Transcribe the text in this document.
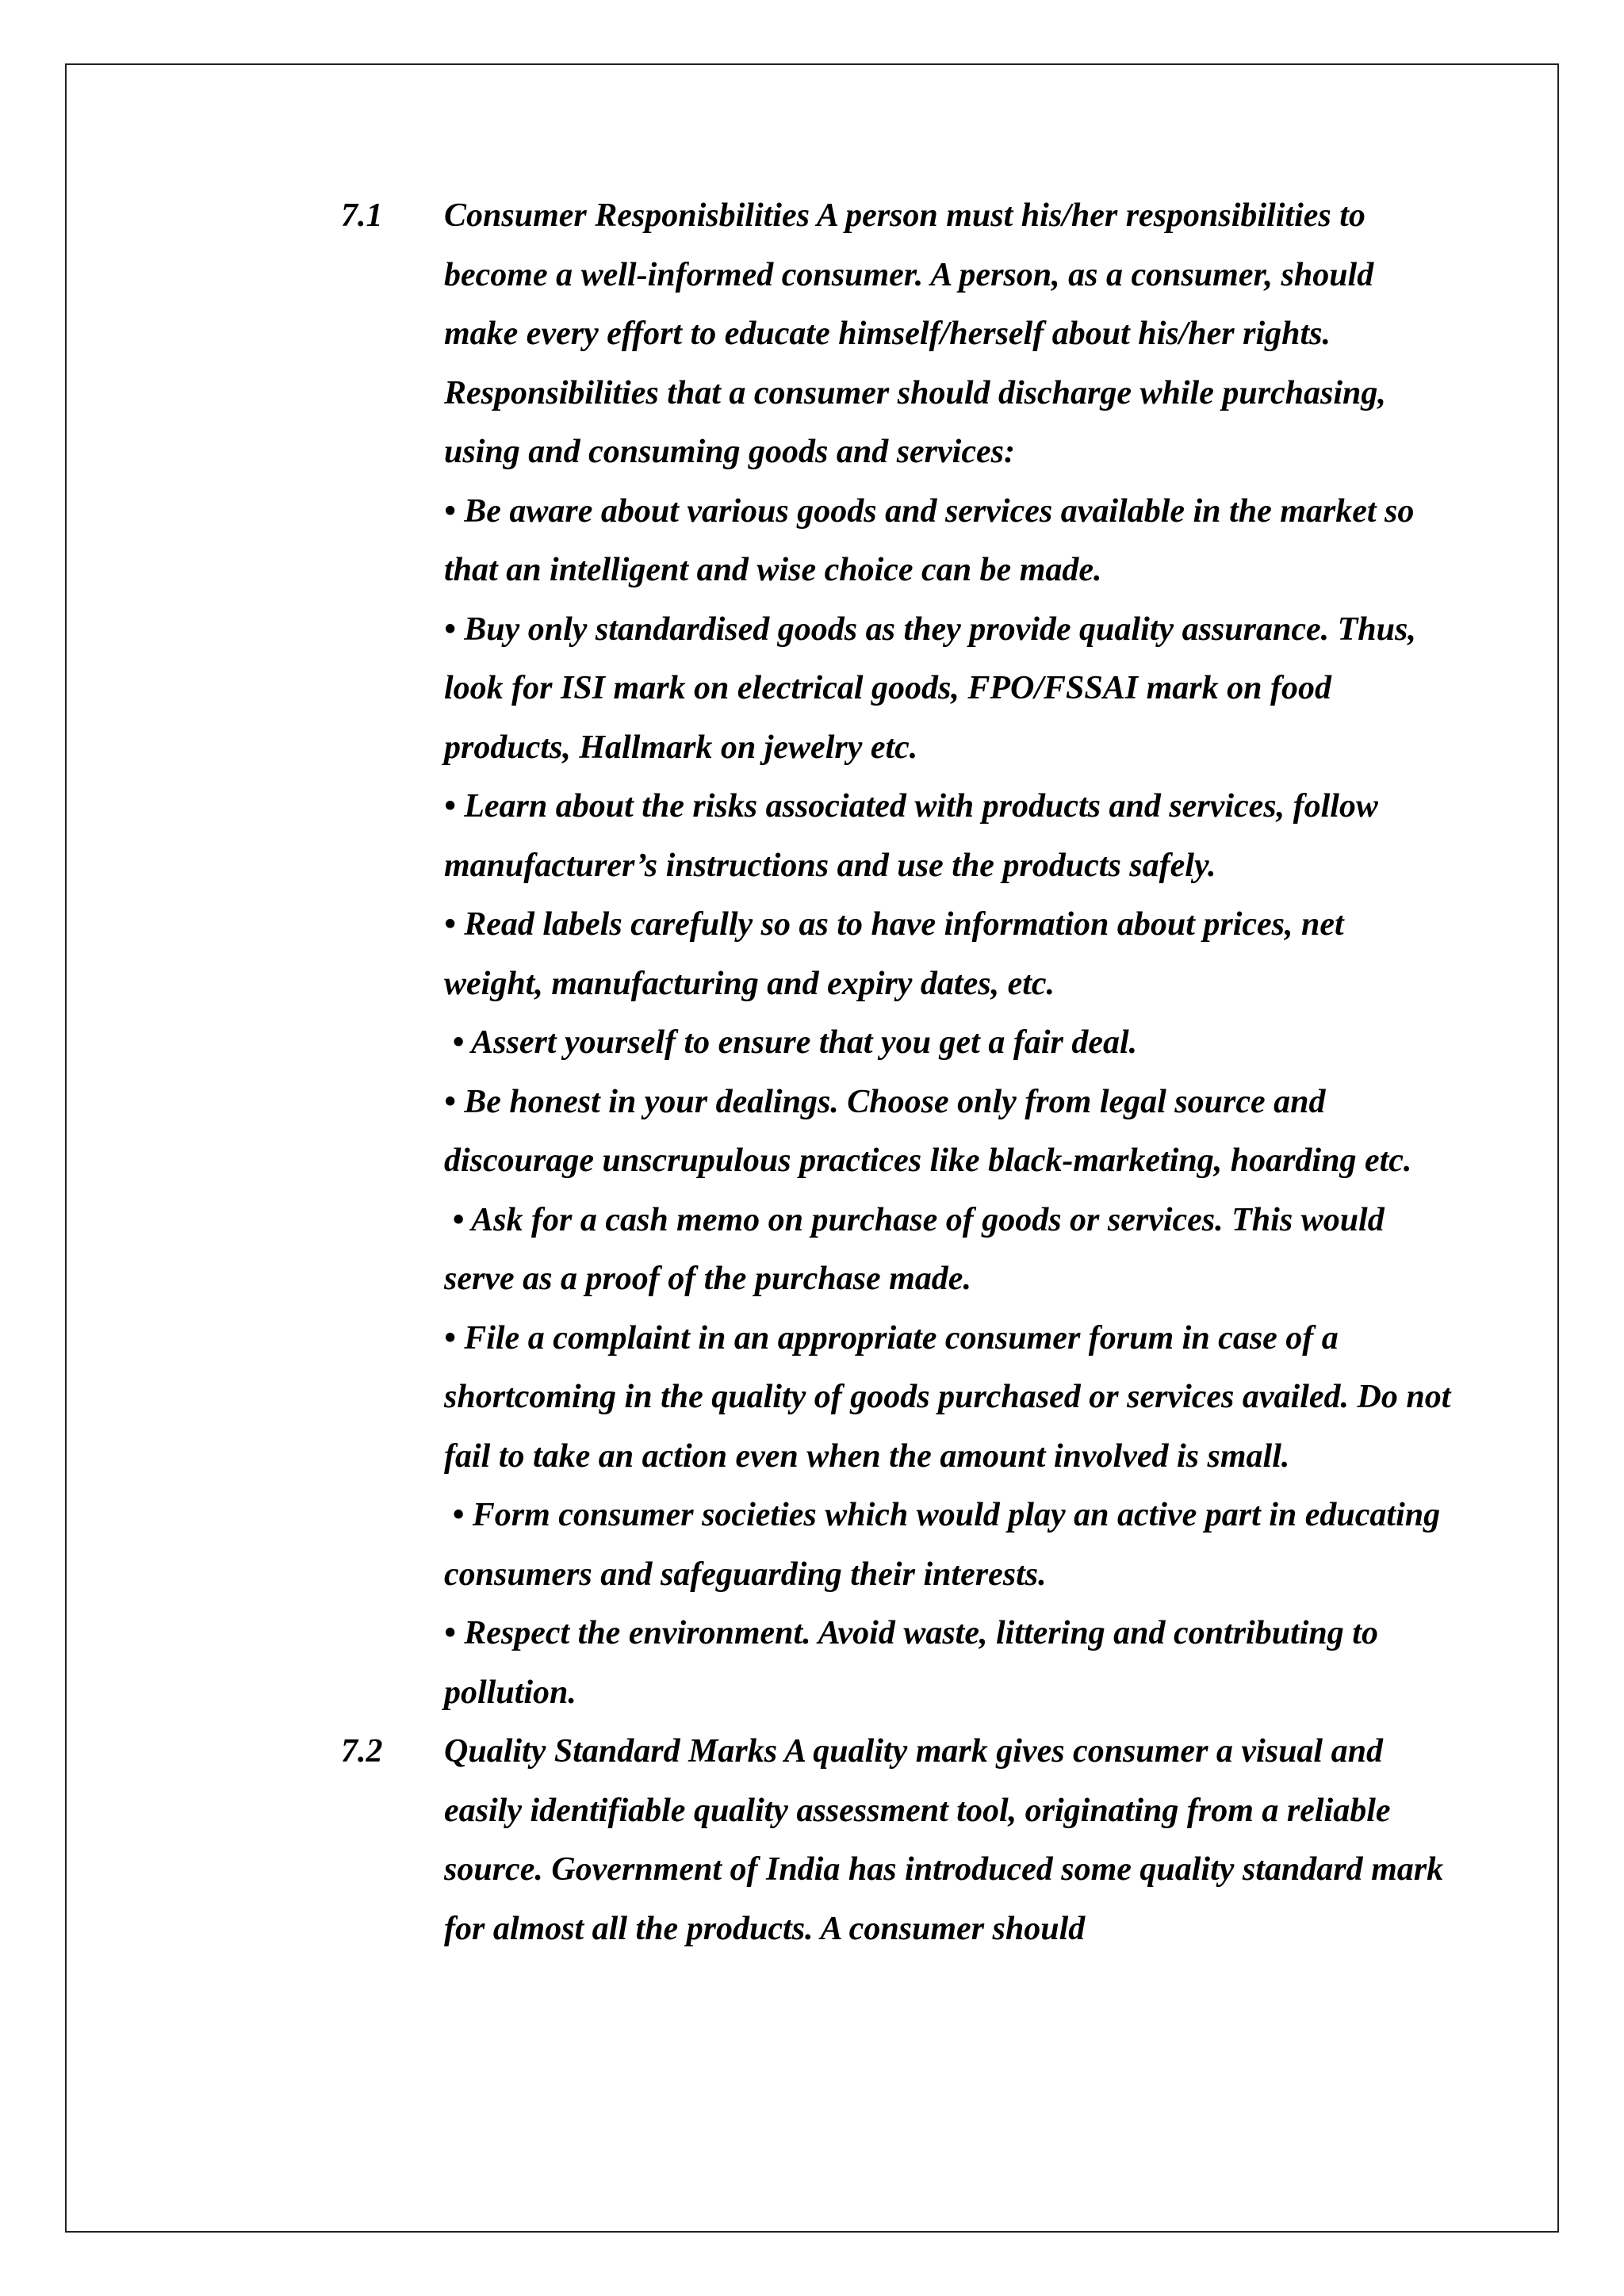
7.1	Consumer Responisbilities A person must his/her responsibilities to become a well-informed consumer. A person, as a consumer, should make every effort to educate himself/herself about his/her rights. Responsibilities that a consumer should discharge while purchasing, using and consuming goods and services:

• Be aware about various goods and services available in the market so that an intelligent and wise choice can be made.

• Buy only standardised goods as they provide quality assurance. Thus, look for ISI mark on electrical goods, FPO/FSSAI mark on food products, Hallmark on jewelry etc.

• Learn about the risks associated with products and services, follow manufacturer’s instructions and use the products safely.

• Read labels carefully so as to have information about prices, net weight, manufacturing and expiry dates, etc.

• Assert yourself to ensure that you get a fair deal.

• Be honest in your dealings. Choose only from legal source and discourage unscrupulous practices like black-marketing, hoarding etc.

• Ask for a cash memo on purchase of goods or services. This would serve as a proof of the purchase made.

• File a complaint in an appropriate consumer forum in case of a shortcoming in the quality of goods purchased or services availed. Do not fail to take an action even when the amount involved is small.

• Form consumer societies which would play an active part in educating consumers and safeguarding their interests.

• Respect the environment. Avoid waste, littering and contributing to pollution.

7.2	Quality Standard Marks A quality mark gives consumer a visual and easily identifiable quality assessment tool, originating from a reliable source. Government of India has introduced some quality standard mark for almost all the products. A consumer should
